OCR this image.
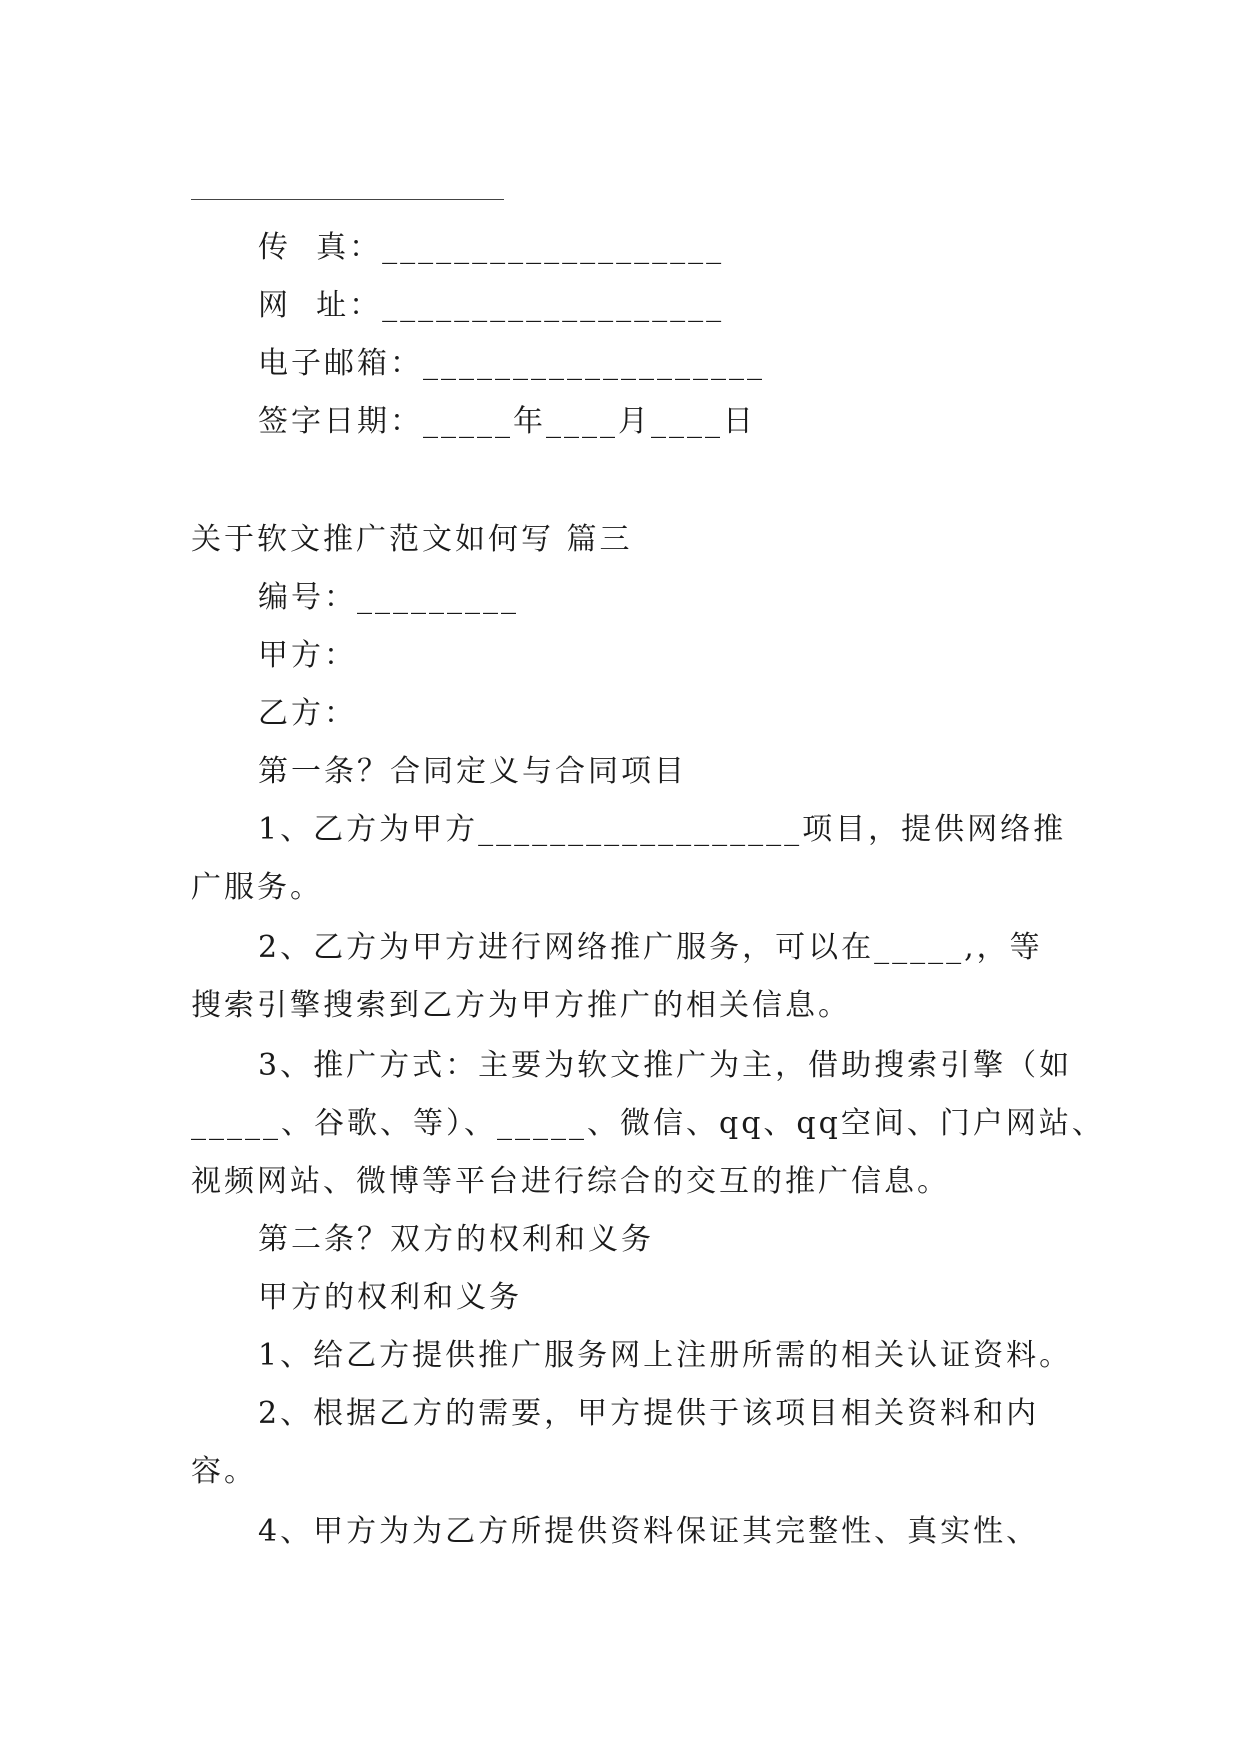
传  真：___________________
网  址：___________________
电子邮箱：___________________
签字日期：_____年____月____日
关于软文推广范文如何写 篇三
编号：_________
甲方：
乙方：
第一条？合同定义与合同项目
1、乙方为甲方__________________项目，提供网络推
广服务。
2、乙方为甲方进行网络推广服务，可以在_____,，等
搜索引擎搜索到乙方为甲方推广的相关信息。
3、推广方式：主要为软文推广为主，借助搜索引擎（如
_____、谷歌、等）、_____、微信、qq、qq空间、门户网站、
视频网站、微博等平台进行综合的交互的推广信息。
第二条？双方的权利和义务
甲方的权利和义务
1、给乙方提供推广服务网上注册所需的相关认证资料。
2、根据乙方的需要，甲方提供于该项目相关资料和内
容。
4、甲方为为乙方所提供资料保证其完整性、真实性、
